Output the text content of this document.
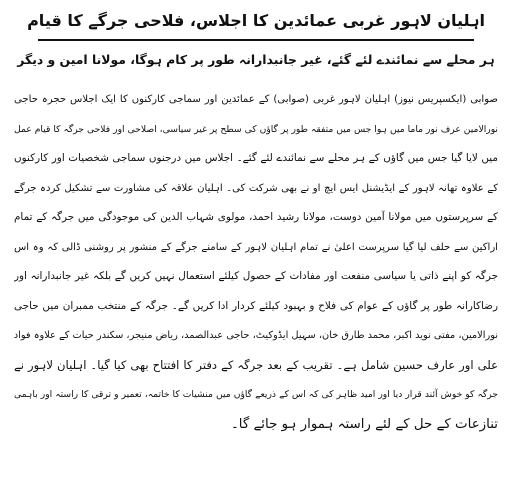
اہلیان لاہور غربی عمائدین کا اجلاس، فلاحی جرگے کا قیام
ہر محلے سے نمائندے لئے گئے، غیر جانبدارانہ طور پر کام ہوگا، مولانا امین و دیگر
صوابی (ایکسپریس نیوز) اہلیان لاہور غربی (صوابی) کے عمائدین اور سماجی کارکنوں کا ایک اجلاس حجرہ حاجی
نورالامین عرف نور ماما میں ہوا جس میں متفقہ طور پر گاؤں کی سطح پر غیر سیاسی، اصلاحی اور فلاحی جرگہ کا قیام عمل
میں لایا گیا جس میں گاؤں کے ہر محلے سے نمائندے لئے گئے۔ اجلاس میں درجنوں سماجی شخصیات اور کارکنوں
کے علاوہ تھانہ لاہور کے ایڈیشنل ایس ایچ او نے بھی شرکت کی۔ اہلیان علاقہ کی مشاورت سے تشکیل کردہ جرگے
کے سرپرستوں میں مولانا آمین دوست، مولانا رشید احمد، مولوی شہاب الدین کی موجودگی میں جرگہ کے تمام
اراکین سے حلف لیا گیا سرپرست اعلیٰ نے تمام اہلیان لاہور کے سامنے جرگے کے منشور پر روشنی ڈالی کہ وہ اس
جرگہ کو اپنے ذاتی یا سیاسی منفعت اور مفادات کے حصول کیلئے استعمال نہیں کریں گے بلکہ غیر جانبدارانہ اور
رضاکارانہ طور پر گاؤں کے عوام کی فلاح و بہبود کیلئے کردار ادا کریں گے۔ جرگہ کے منتخب ممبران میں حاجی
نورالامین، مفتی نوید اکبر، محمد طارق خان، سہیل ایڈوکیٹ، حاجی عبدالصمد، ریاض منیجر، سکندر حیات کے علاوہ فواد
علی اور عارف حسین شامل ہے۔ تقریب کے بعد جرگہ کے دفتر کا افتتاح بھی کیا گیا۔ اہلیان لاہور نے
جرگہ کو خوش آئند قرار دیا اور امید ظاہر کی کہ اس کے ذریعے گاؤں میں منشیات کا خاتمہ، تعمیر و ترقی کا راستہ اور باہمی
تنازعات کے حل کے لئے راستہ ہموار ہو جائے گا۔
